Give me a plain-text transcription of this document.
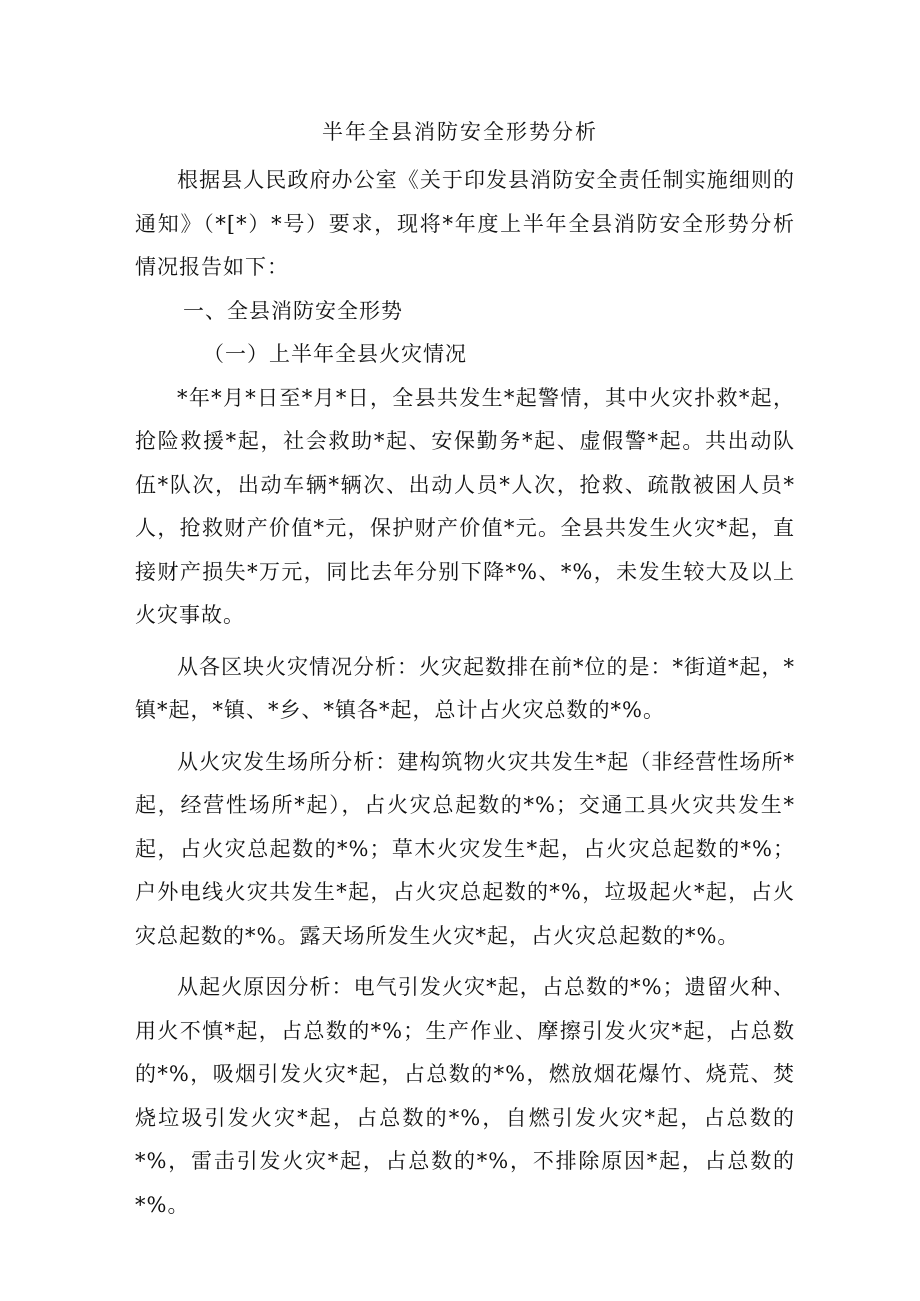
半年全县消防安全形势分析

根据县人民政府办公室《关于印发县消防安全责任制实施细则的通知》（*[*）*号）要求，现将*年度上半年全县消防安全形势分析情况报告如下：

一、全县消防安全形势

（一）上半年全县火灾情况

*年*月*日至*月*日，全县共发生*起警情，其中火灾扑救*起，抢险救援*起，社会救助*起、安保勤务*起、虚假警*起。共出动队伍*队次，出动车辆*辆次、出动人员*人次，抢救、疏散被困人员*人，抢救财产价值*元，保护财产价值*元。全县共发生火灾*起，直接财产损失*万元，同比去年分别下降*%、*%，未发生较大及以上火灾事故。

从各区块火灾情况分析：火灾起数排在前*位的是：*街道*起，*镇*起，*镇、*乡、*镇各*起，总计占火灾总数的*%。

从火灾发生场所分析：建构筑物火灾共发生*起（非经营性场所*起，经营性场所*起），占火灾总起数的*%；交通工具火灾共发生*起，占火灾总起数的*%；草木火灾发生*起，占火灾总起数的*%；户外电线火灾共发生*起，占火灾总起数的*%，垃圾起火*起，占火灾总起数的*%。露天场所发生火灾*起，占火灾总起数的*%。

从起火原因分析：电气引发火灾*起，占总数的*%；遗留火种、用火不慎*起，占总数的*%；生产作业、摩擦引发火灾*起，占总数的*%，吸烟引发火灾*起，占总数的*%，燃放烟花爆竹、烧荒、焚烧垃圾引发火灾*起，占总数的*%，自燃引发火灾*起，占总数的*%，雷击引发火灾*起，占总数的*%，不排除原因*起，占总数的*%。
